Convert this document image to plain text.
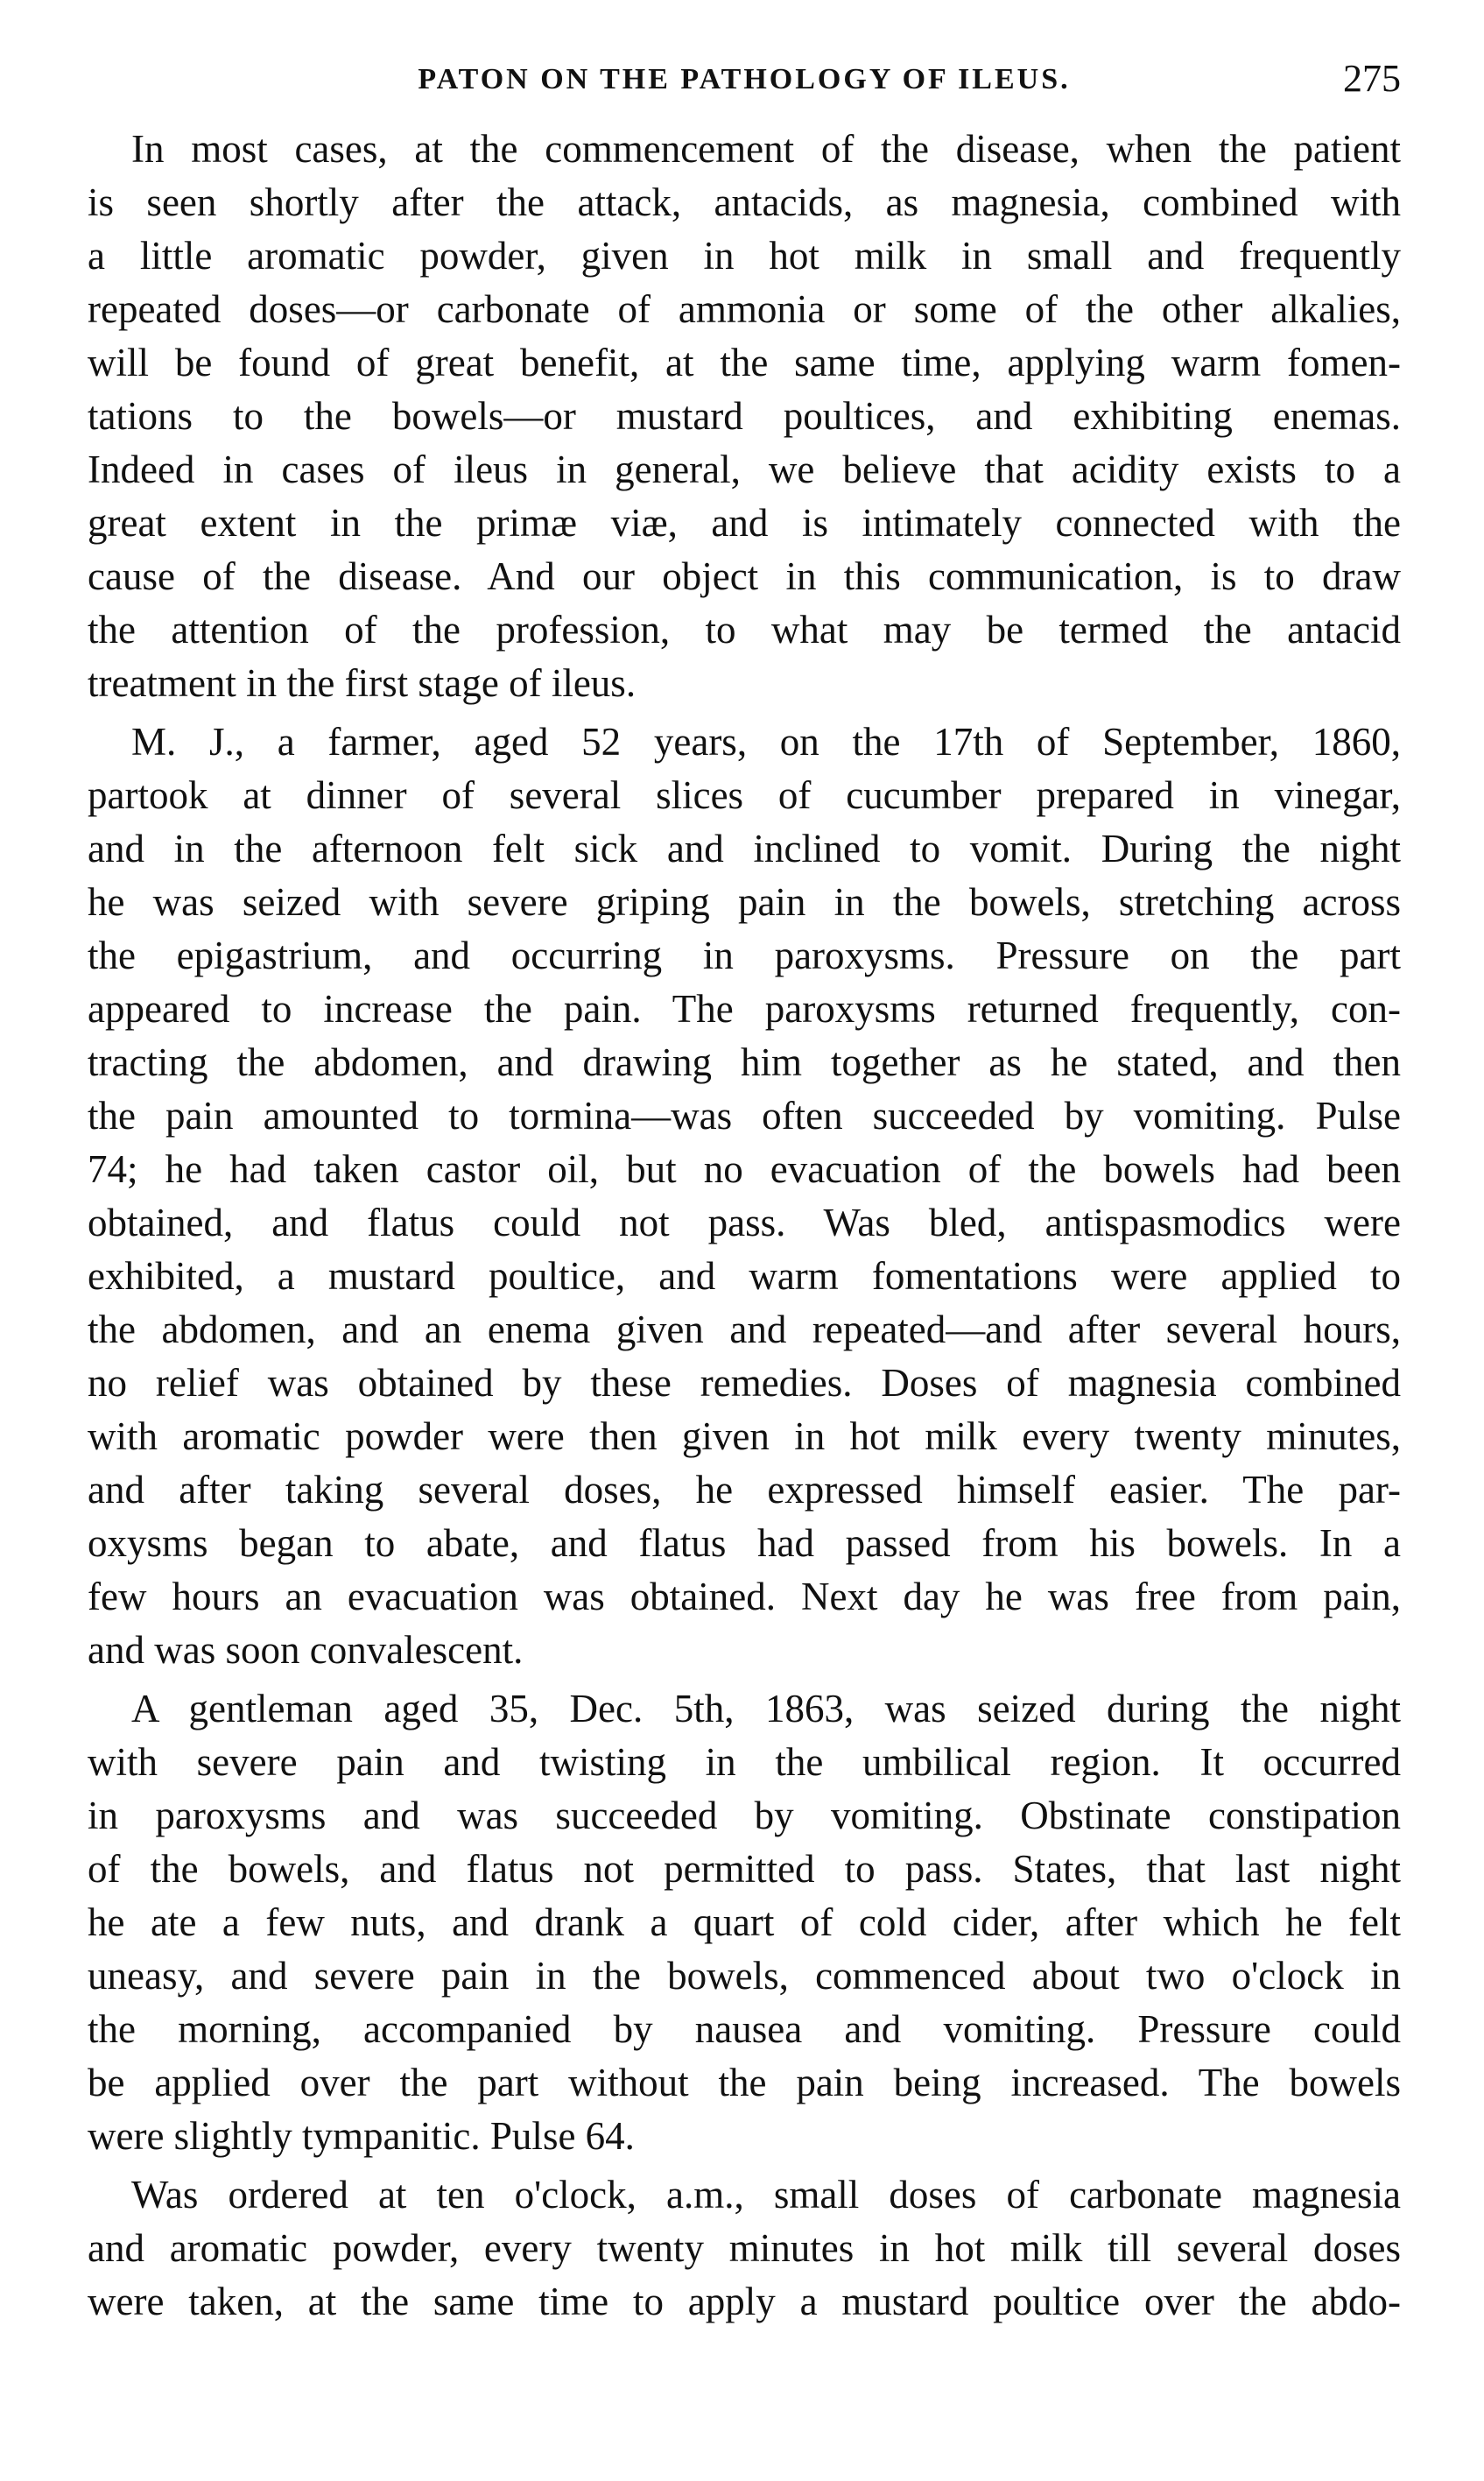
PATON ON THE PATHOLOGY OF ILEUS.	275
In most cases, at the commencement of the disease, when the patient
is seen shortly after the attack, antacids, as magnesia, combined with
a little aromatic powder, given in hot milk in small and frequently
repeated doses—or carbonate of ammonia or some of the other alkalies,
will be found of great benefit, at the same time, applying warm fomen-
tations to the bowels—or mustard poultices, and exhibiting enemas.
Indeed in cases of ileus in general, we believe that acidity exists to a
great extent in the primæ viæ, and is intimately connected with the
cause of the disease. And our object in this communication, is to draw
the attention of the profession, to what may be termed the antacid
treatment in the first stage of ileus.
M. J., a farmer, aged 52 years, on the 17th of September, 1860,
partook at dinner of several slices of cucumber prepared in vinegar,
and in the afternoon felt sick and inclined to vomit. During the night
he was seized with severe griping pain in the bowels, stretching across
the epigastrium, and occurring in paroxysms. Pressure on the part
appeared to increase the pain. The paroxysms returned frequently, con-
tracting the abdomen, and drawing him together as he stated, and then
the pain amounted to tormina—was often succeeded by vomiting. Pulse
74; he had taken castor oil, but no evacuation of the bowels had been
obtained, and flatus could not pass. Was bled, antispasmodics were
exhibited, a mustard poultice, and warm fomentations were applied to
the abdomen, and an enema given and repeated—and after several hours,
no relief was obtained by these remedies. Doses of magnesia combined
with aromatic powder were then given in hot milk every twenty minutes,
and after taking several doses, he expressed himself easier. The par-
oxysms began to abate, and flatus had passed from his bowels. In a
few hours an evacuation was obtained. Next day he was free from pain,
and was soon convalescent.
A gentleman aged 35, Dec. 5th, 1863, was seized during the night
with severe pain and twisting in the umbilical region. It occurred
in paroxysms and was succeeded by vomiting. Obstinate constipation
of the bowels, and flatus not permitted to pass. States, that last night
he ate a few nuts, and drank a quart of cold cider, after which he felt
uneasy, and severe pain in the bowels, commenced about two o'clock in
the morning, accompanied by nausea and vomiting. Pressure could
be applied over the part without the pain being increased. The bowels
were slightly tympanitic. Pulse 64.
Was ordered at ten o'clock, a.m., small doses of carbonate magnesia
and aromatic powder, every twenty minutes in hot milk till several doses
were taken, at the same time to apply a mustard poultice over the abdo-
